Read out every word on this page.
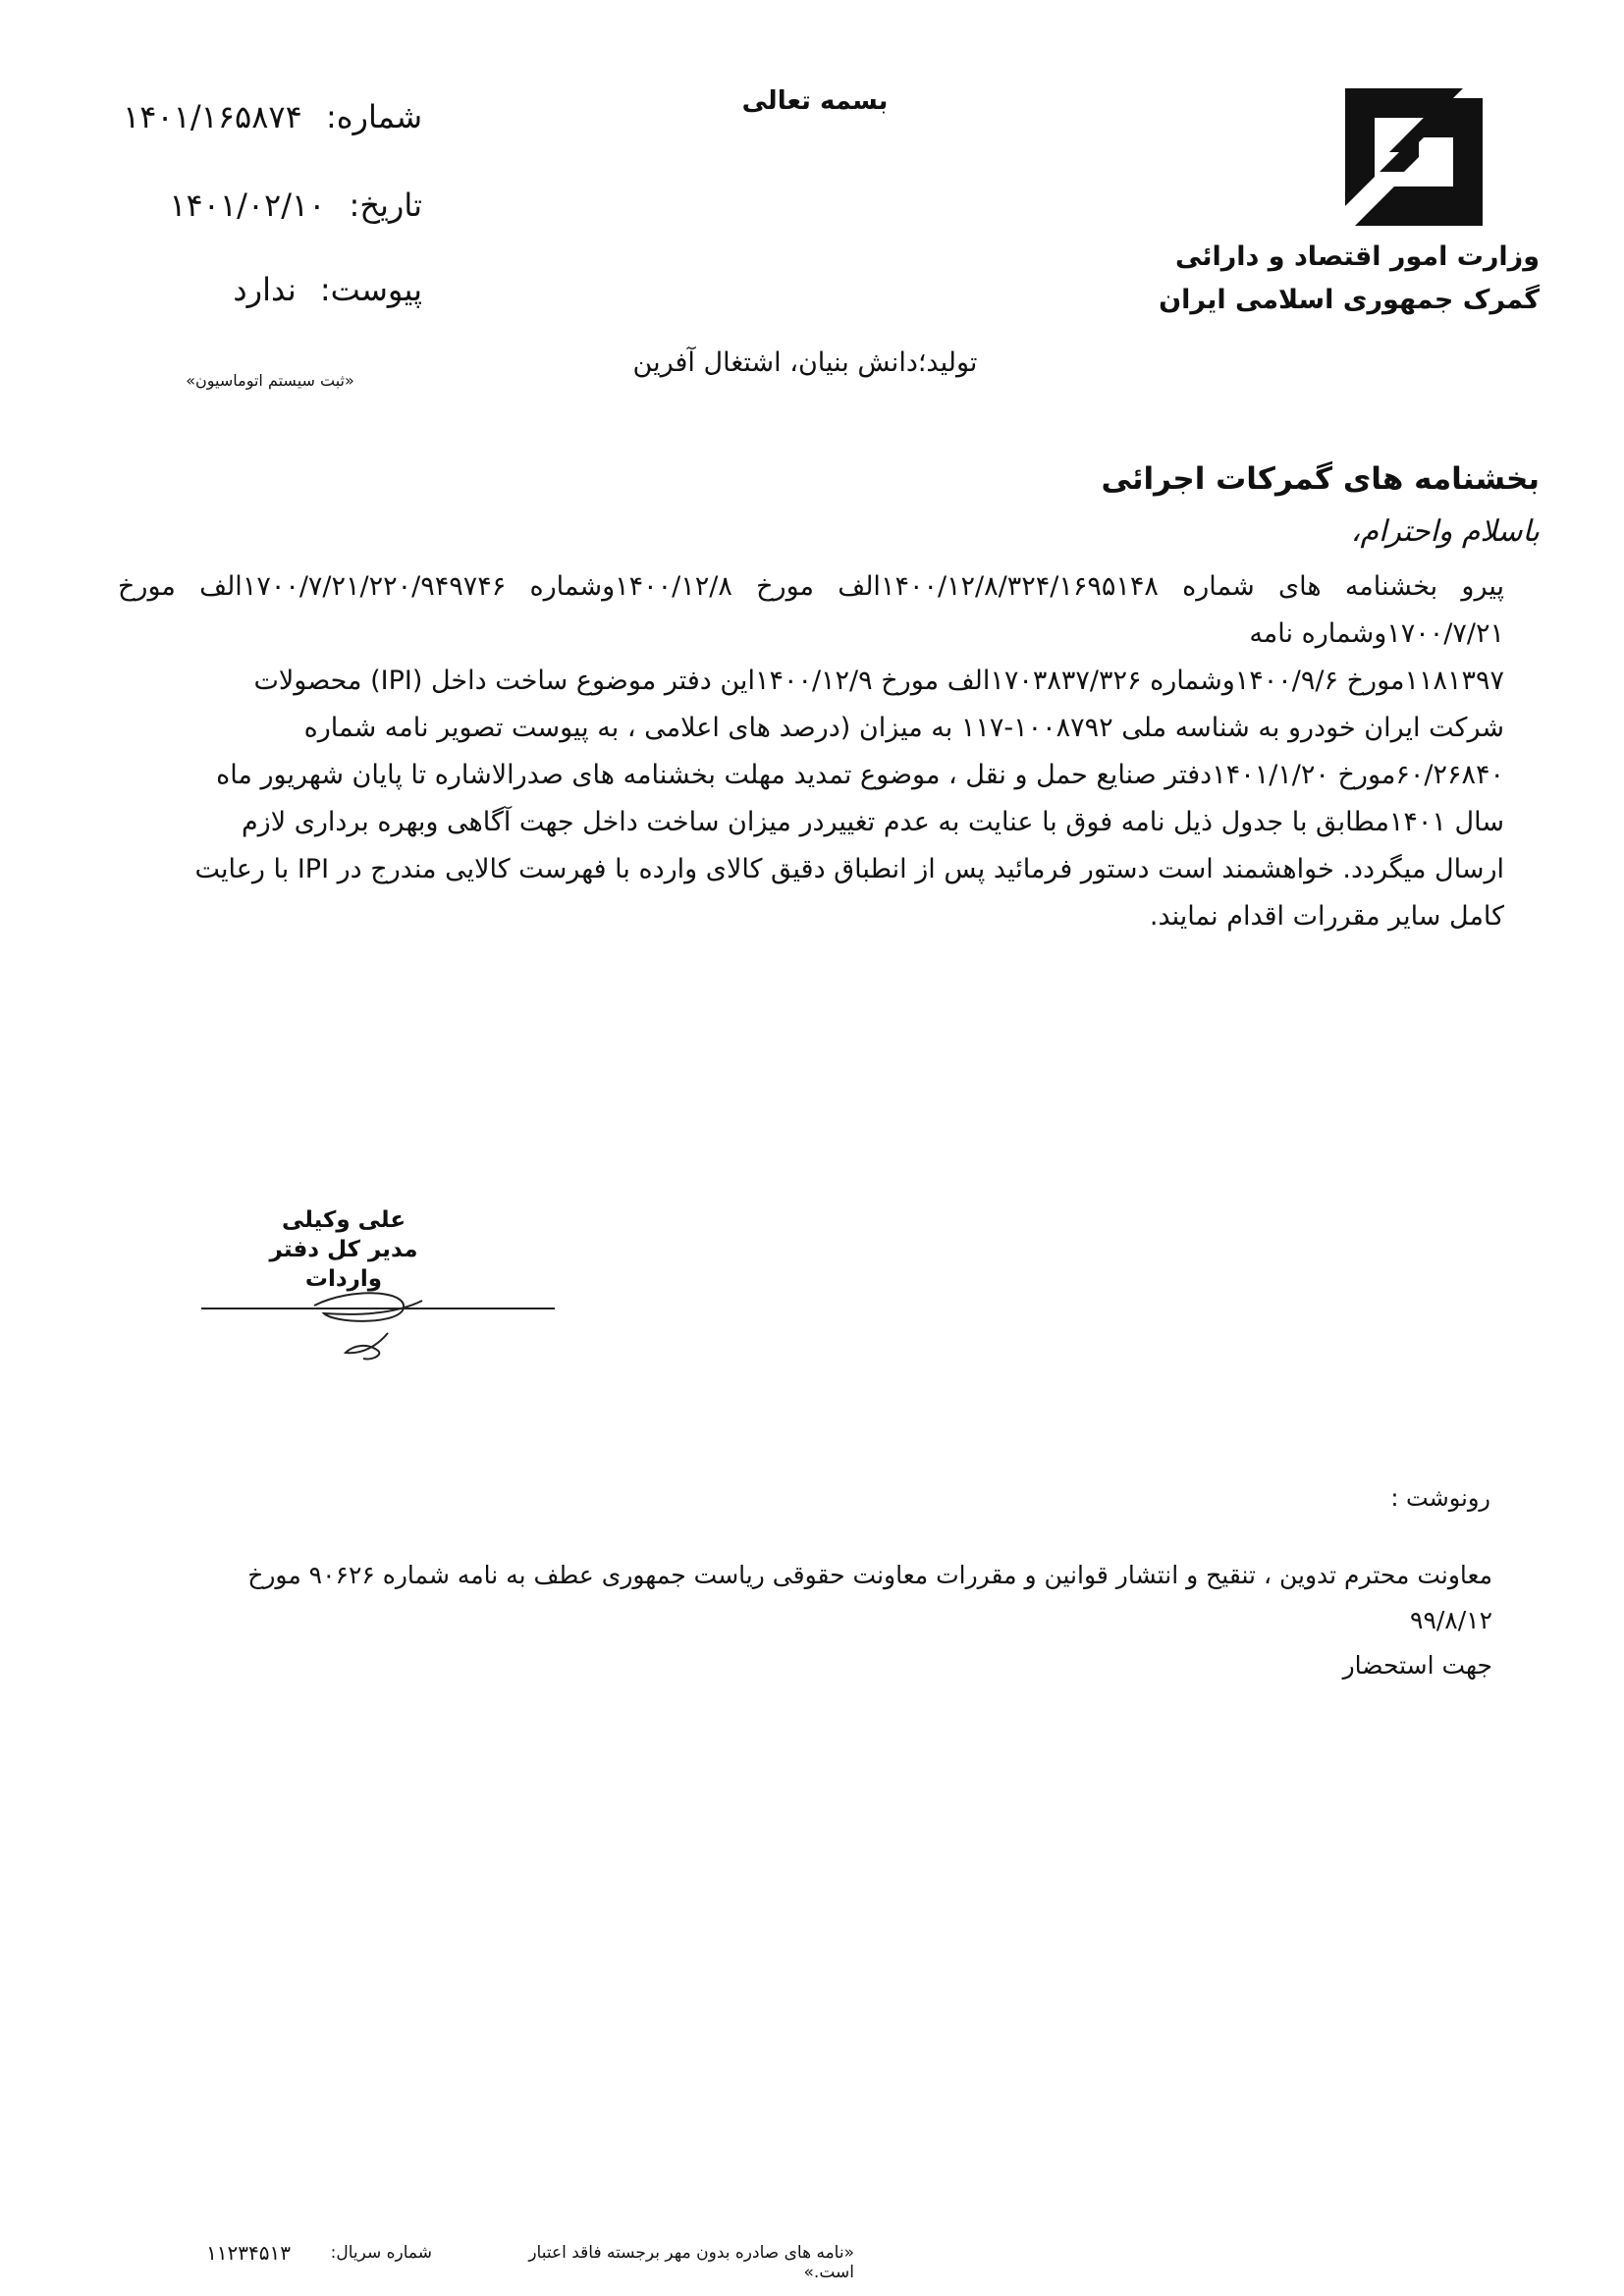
وزارت امور اقتصاد و دارائی
گمرک جمهوری اسلامی ایران
بسمه تعالی
تولید؛دانش بنیان، اشتغال آفرین
شماره: ۱۴۰۱/۱۶۵۸۷۴
تاریخ: ۱۴۰۱/۰۲/۱۰
پیوست: ندارد
«ثبت سیستم اتوماسیون»
بخشنامه های گمرکات اجرائی
باسلام واحترام،

پیرو بخشنامه های شماره ۱۴۰۰/۱۲/۸/۳۲۴/۱۶۹۵۱۴۸الف مورخ ۱۴۰۰/۱۲/۸وشماره ۱۷۰۰/۷/۲۱/۲۲۰/۹۴۹۷۴۶الف مورخ ۱۷۰۰/۷/۲۱وشماره نامه

۱۱۸۱۳۹۷مورخ ۱۴۰۰/۹/۶وشماره ۱۷۰۳۸۳۷/۳۲۶الف مورخ ۱۴۰۰/۱۲/۹این دفتر موضوع ساخت داخل (IPI) محصولات

شرکت ایران خودرو به شناسه ملی ۱۰۰۸۷۹۲-۱۱۷ به میزان (درصد های اعلامی ، به پیوست تصویر نامه شماره

۶۰/۲۶۸۴۰مورخ ۱۴۰۱/۱/۲۰دفتر صنایع حمل و نقل ، موضوع تمدید مهلت بخشنامه های صدرالاشاره تا پایان شهریور ماه

سال ۱۴۰۱مطابق با جدول ذیل نامه فوق با عنایت به عدم تغییردر میزان ساخت داخل جهت آگاهی وبهره برداری لازم

ارسال میگردد. خواهشمند است دستور فرمائید پس از انطباق دقیق کالای وارده با فهرست کالایی مندرج در IPI با رعایت

کامل سایر مقررات اقدام نمایند.

علی وکیلی
مدیر کل دفتر واردات
رونوشت :
معاونت محترم تدوین ، تنقیح و انتشار قوانین و مقررات معاونت حقوقی ریاست جمهوری عطف به نامه شماره ۹۰۶۲۶ مورخ ۹۹/۸/۱۲
جهت استحضار
«نامه های صادره بدون مهر برجسته فاقد اعتبار است.»
شماره سریال:
۱۱۲۳۴۵۱۳
